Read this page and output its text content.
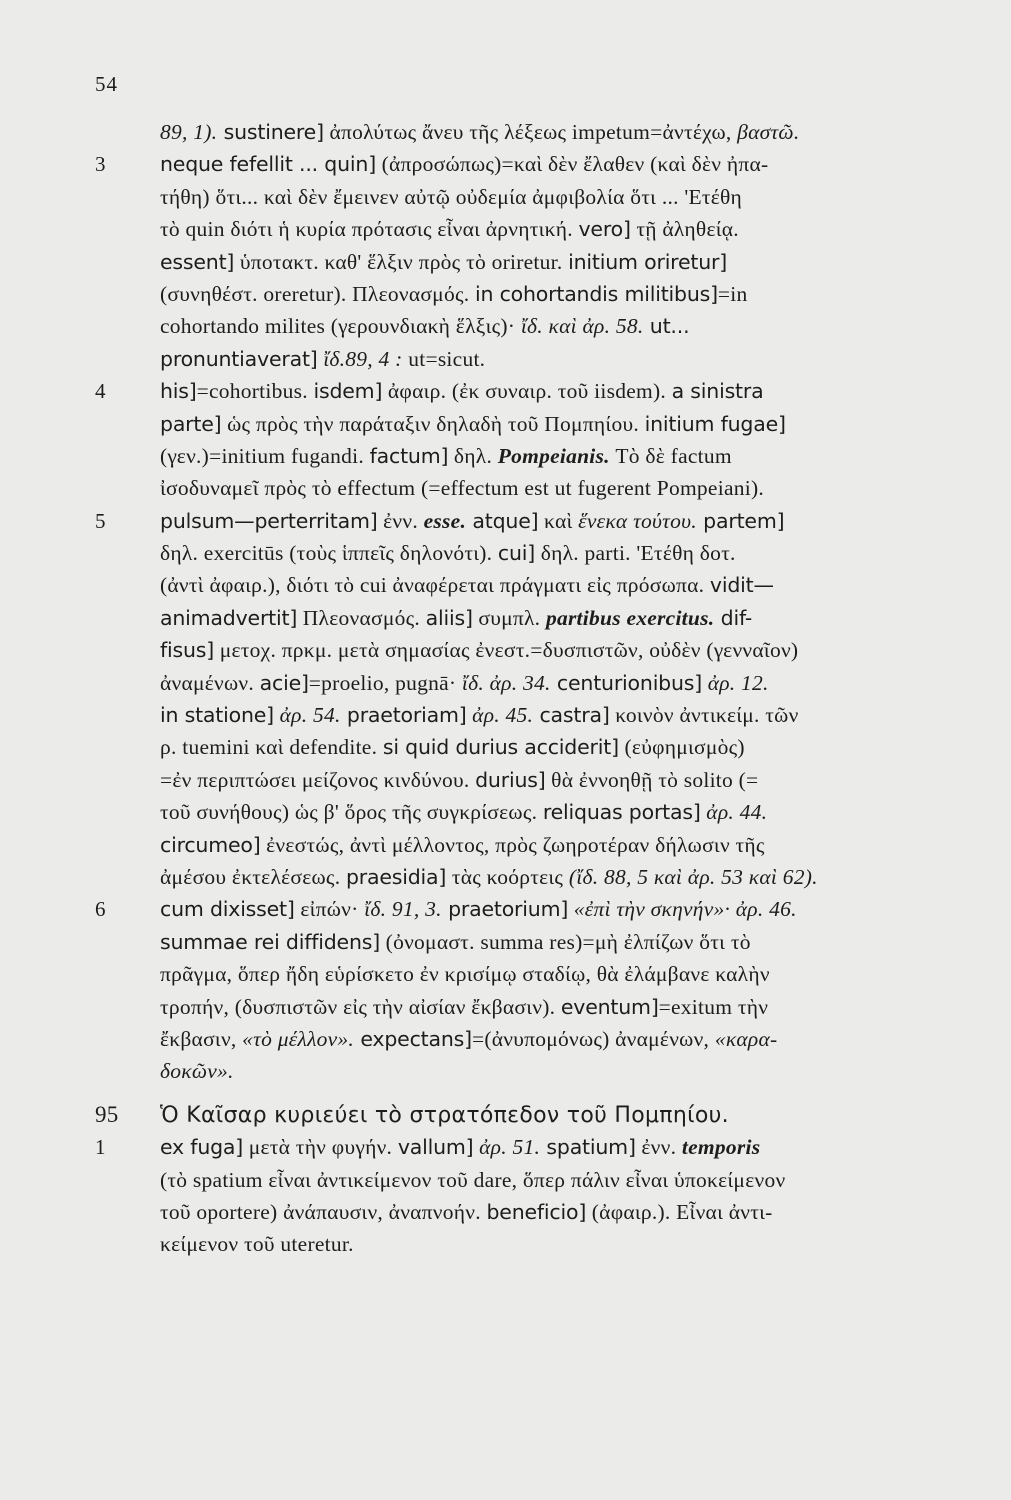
54
89, 1). sustinere] ἀπολύτως ἄνευ τῆς λέξεως impetum=ἀντέχω, βαστῶ.
3	neque fefellit ... quin] (ἀπροσώπως)=καὶ δὲν ἔλαθεν (καὶ δὲν ἠπα-
τήθη) ὅτι... καὶ δὲν ἔμεινεν αὐτῷ οὐδεμία ἀμφιβολία ὅτι ... 'Ετέθη
τὸ quin διότι ἡ κυρία πρότασις εἶναι ἀρνητική. vero] τῇ ἀληθείᾳ.
essent] ὑποτακτ. καθ' ἕλξιν πρὸς τὸ oriretur. initium oriretur]
(συνηθέστ. oreretur). Πλεονασμός. in cohortandis militibus]=in
cohortando milites (γερουνδιακὴ ἕλξις)· ἴδ. καὶ ἀρ. 58. ut...
pronuntiaverat] ἴδ.89, 4 : ut=sicut.
4	his]=cohortibus. isdem] ἀφαιρ. (ἐκ συναιρ. τοῦ iisdem). a sinistra
parte] ὡς πρὸς τὴν παράταξιν δηλαδὴ τοῦ Πομπηίου. initium fugae]
(γεν.)=initium fugandi. factum] δηλ. Pompeianis. Τὸ δὲ factum
ἰσοδυναμεῖ πρὸς τὸ effectum (=effectum est ut fugerent Pompeiani).
5	pulsum—perterritam] ἐνν. esse. atque] καὶ ἕνεκα τούτου. partem]
δηλ. exercitūs (τοὺς ἱππεῖς δηλονότι). cui] δηλ. parti. 'Ετέθη δοτ.
(ἀντὶ ἀφαιρ.), διότι τὸ cui ἀναφέρεται πράγματι εἰς πρόσωπα. vidit—
animadvertit] Πλεονασμός. aliis] συμπλ. partibus exercitus. dif-
fisus] μετοχ. πρκμ. μετὰ σημασίας ἐνεστ.=δυσπιστῶν, οὐδὲν (γενναῖον)
ἀναμένων. acie]=proelio, pugnā· ἴδ. ἀρ. 34. centurionibus] ἀρ. 12.
in statione] ἀρ. 54. praetoriam] ἀρ. 45. castra] κοινὸν ἀντικείμ. τῶν
ρ. tuemini καὶ defendite. si quid durius acciderit] (εὐφημισμὸς)
=ἐν περιπτώσει μείζονος κινδύνου. durius] θὰ ἐννοηθῇ τὸ solito (=
τοῦ συνήθους) ὡς β' ὅρος τῆς συγκρίσεως. reliquas portas] ἀρ. 44.
circumeo] ἐνεστώς, ἀντὶ μέλλοντος, πρὸς ζωηροτέραν δήλωσιν τῆς
ἀμέσου ἐκτελέσεως. praesidia] τὰς κοόρτεις (ἴδ. 88, 5 καὶ ἀρ. 53 καὶ 62).
6	cum dixisset] εἰπών· ἴδ. 91, 3. praetorium] «ἐπὶ τὴν σκηνήν»· ἀρ. 46.
summae rei diffidens] (ὀνομαστ. summa res)=μὴ ἐλπίζων ὅτι τὸ
πρᾶγμα, ὅπερ ἤδη εὑρίσκετο ἐν κρισίμῳ σταδίῳ, θὰ ἐλάμβανε καλὴν
τροπήν, (δυσπιστῶν εἰς τὴν αἰσίαν ἔκβασιν). eventum]=exitum τὴν
ἔκβασιν, «τὸ μέλλον». expectans]=(ἀνυπομόνως) ἀναμένων, «καρα-
δοκῶν».
95 Ὁ Καῖσαρ κυριεύει τὸ στρατόπεδον τοῦ Πομπηίου.
1	ex fuga] μετὰ τὴν φυγήν. vallum] ἀρ. 51. spatium] ἐνν. temporis
(τὸ spatium εἶναι ἀντικείμενον τοῦ dare, ὅπερ πάλιν εἶναι ὑποκείμενον
τοῦ oportere) ἀνάπαυσιν, ἀναπνοήν. beneficio] (ἀφαιρ.). Εἶναι ἀντι-
κείμενον τοῦ uteretur.
